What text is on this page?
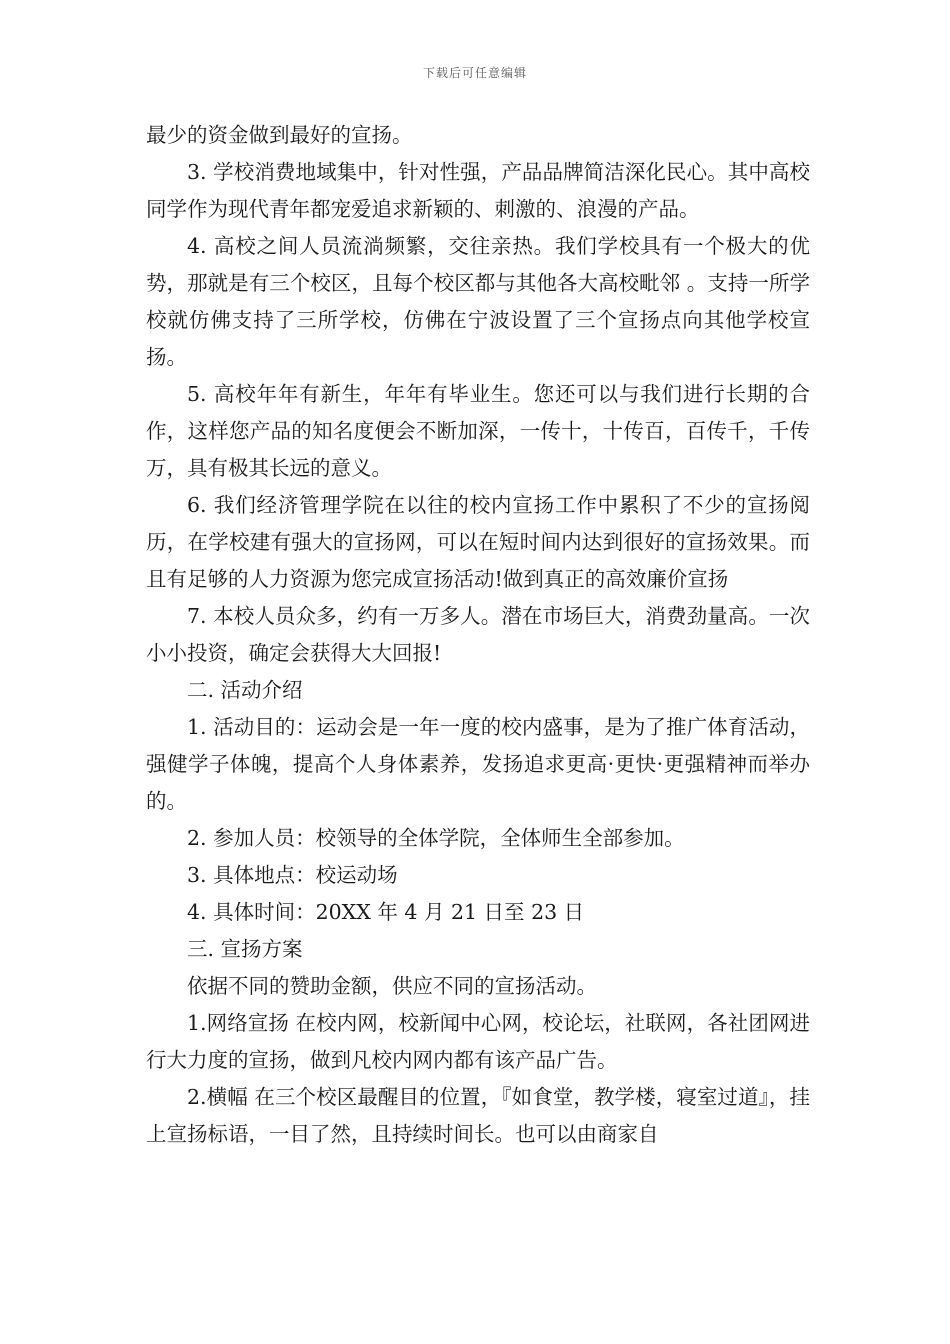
下载后可任意编辑

最少的资金做到最好的宣扬。

3. 学校消费地域集中，针对性强，产品品牌简洁深化民心。其中高校同学作为现代青年都宠爱追求新颖的、刺激的、浪漫的产品。

4. 高校之间人员流淌频繁，交往亲热。我们学校具有一个极大的优势，那就是有三个校区，且每个校区都与其他各大高校毗邻 。支持一所学校就仿佛支持了三所学校，仿佛在宁波设置了三个宣扬点向其他学校宣扬。

5. 高校年年有新生，年年有毕业生。您还可以与我们进行长期的合作，这样您产品的知名度便会不断加深，一传十，十传百，百传千，千传万，具有极其长远的意义。

6. 我们经济管理学院在以往的校内宣扬工作中累积了不少的宣扬阅历，在学校建有强大的宣扬网，可以在短时间内达到很好的宣扬效果。而且有足够的人力资源为您完成宣扬活动!做到真正的高效廉价宣扬

7. 本校人员众多，约有一万多人。潜在市场巨大，消费劲量高。一次小小投资，确定会获得大大回报!

二. 活动介绍

1. 活动目的：运动会是一年一度的校内盛事，是为了推广体育活动，强健学子体魄，提高个人身体素养，发扬追求更高·更快·更强精神而举办的。

2. 参加人员：校领导的全体学院，全体师生全部参加。

3. 具体地点：校运动场

4. 具体时间：20XX 年 4 月 21 日至 23 日

三. 宣扬方案

依据不同的赞助金额，供应不同的宣扬活动。

1.网络宣扬 在校内网，校新闻中心网，校论坛，社联网，各社团网进行大力度的宣扬，做到凡校内网内都有该产品广告。

2.横幅 在三个校区最醒目的位置，『如食堂，教学楼，寝室过道』，挂上宣扬标语，一目了然，且持续时间长。也可以由商家自
